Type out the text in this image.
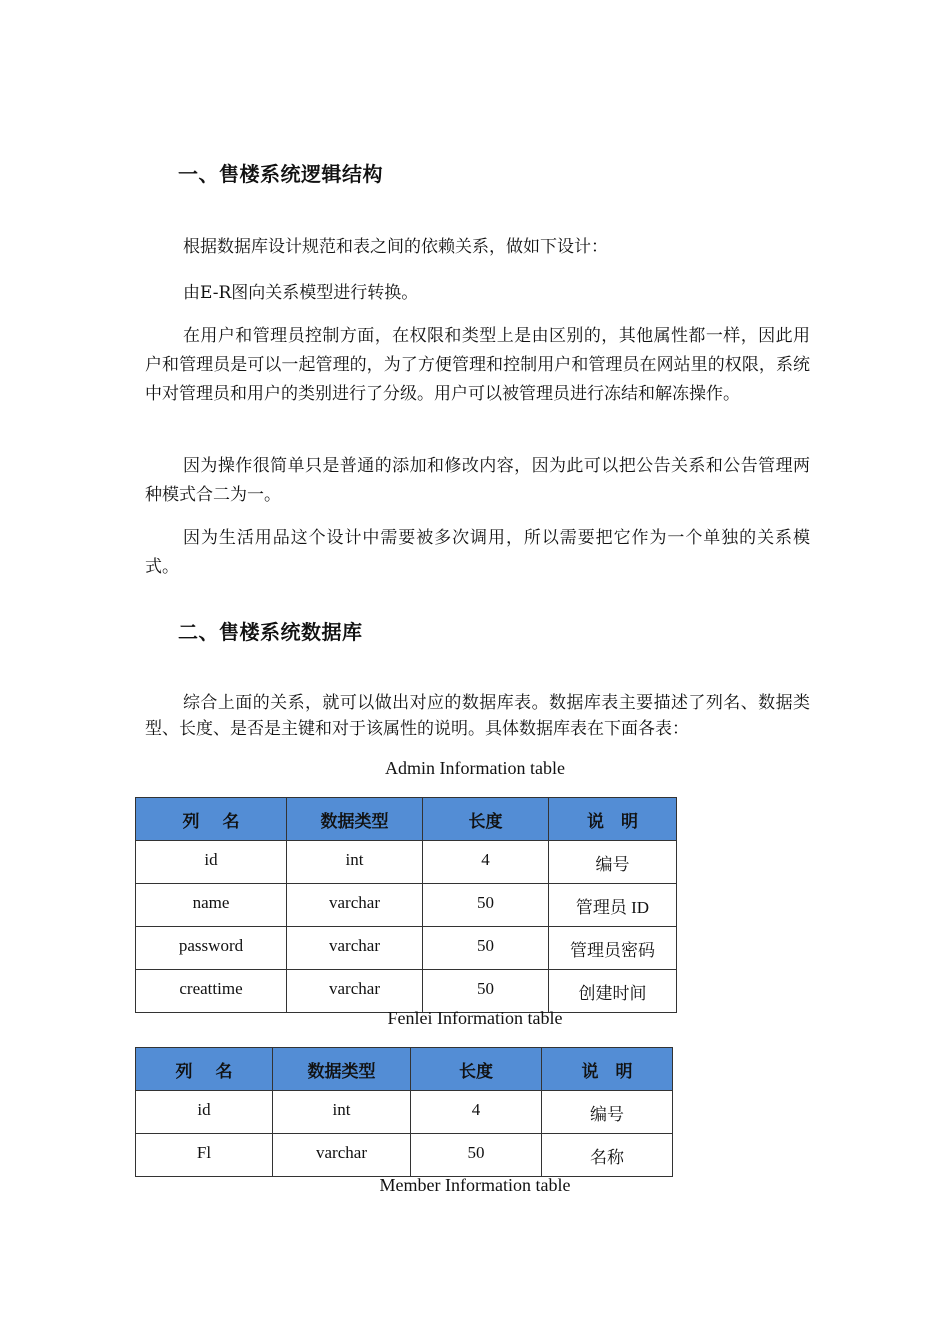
一、售楼系统逻辑结构
根据数据库设计规范和表之间的依赖关系，做如下设计：
由E-R图向关系模型进行转换。
在用户和管理员控制方面，在权限和类型上是由区别的，其他属性都一样，因此用户和管理员是可以一起管理的，为了方便管理和控制用户和管理员在网站里的权限，系统中对管理员和用户的类别进行了分级。用户可以被管理员进行冻结和解冻操作。
因为操作很简单只是普通的添加和修改内容，因为此可以把公告关系和公告管理两种模式合二为一。
因为生活用品这个设计中需要被多次调用，所以需要把它作为一个单独的关系模式。
二、售楼系统数据库
综合上面的关系，就可以做出对应的数据库表。数据库表主要描述了列名、数据类型、长度、是否是主键和对于该属性的说明。具体数据库表在下面各表：
Admin Information table
列　 名	数据类型	长度	说　明
id	int	4	编号
name	varchar	50	管理员 ID
password	varchar	50	管理员密码
creattime	varchar	50	创建时间
Fenlei Information table
列　 名	数据类型	长度	说　明
id	int	4	编号
Fl	varchar	50	名称
Member Information table
